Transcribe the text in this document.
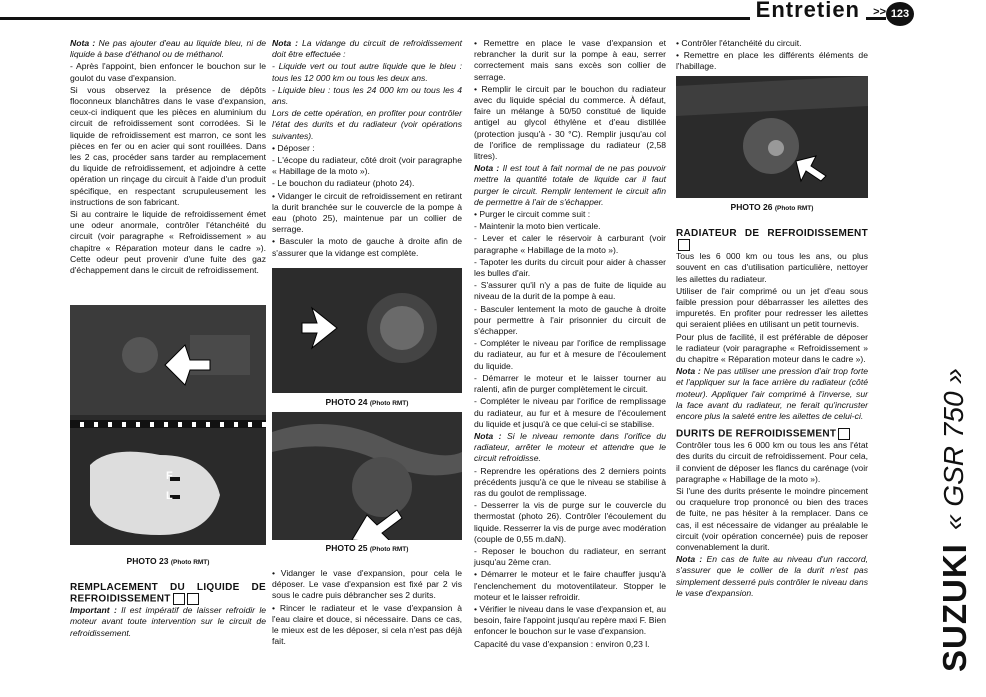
Entretien	>> 123

Nota : Ne pas ajouter d'eau au liquide bleu, ni de liquide à base d'éthanol ou de méthanol.

- Après l'appoint, bien enfoncer le bouchon sur le goulot du vase d'expansion.

Si vous observez la présence de dépôts floconneux blanchâtres dans le vase d'expansion, ceux-ci indiquent que les pièces en aluminium du circuit de refroidissement sont corrodées. Si le liquide de refroidissement est marron, ce sont les pièces en fer ou en acier qui sont rouillées. Dans les 2 cas, procéder sans tarder au remplacement du liquide de refroidissement, et adjoindre à cette opération un rinçage du circuit à l'aide d'un produit spécifique, en respectant scrupuleusement les instructions de son fabricant.

Si au contraire le liquide de refroidissement émet une odeur anormale, contrôler l'étanchéité du circuit (voir paragraphe « Refroidissement » au chapitre « Réparation moteur dans le cadre »). Cette odeur peut provenir d'une fuite des gaz d'échappement dans le circuit de refroidissement.

F
L
PHOTO 23 (Photo RMT)
REMPLACEMENT DU LIQUIDE DE REFROIDISSEMENT

Important : Il est impératif de laisser refroidir le moteur avant toute intervention sur le circuit de refroidissement.

Nota : La vidange du circuit de refroidissement doit être effectuée :

- Liquide vert ou tout autre liquide que le bleu : tous les 12 000 km ou tous les deux ans.

- Liquide bleu : tous les 24 000 km ou tous les 4 ans.

Lors de cette opération, en profiter pour contrôler l'état des durits et du radiateur (voir opérations suivantes).

• Déposer :

- L'écope du radiateur, côté droit (voir paragraphe « Habillage de la moto »).

- Le bouchon du radiateur (photo 24).

• Vidanger le circuit de refroidissement en retirant la durit branchée sur le couvercle de la pompe à eau (photo 25), maintenue par un collier de serrage.

• Basculer la moto de gauche à droite afin de s'assurer que la vidange est complète.

PHOTO 24 (Photo RMT)
PHOTO 25 (Photo RMT)

• Vidanger le vase d'expansion, pour cela le déposer. Le vase d'expansion est fixé par 2 vis sous le cadre puis débrancher ses 2 durits.

• Rincer le radiateur et le vase d'expansion à l'eau claire et douce, si nécessaire. Dans ce cas, le mieux est de les déposer, si cela n'est pas déjà fait.

• Remettre en place le vase d'expansion et rebrancher la durit sur la pompe à eau, serrer correctement mais sans excès son collier de serrage.

• Remplir le circuit par le bouchon du radiateur avec du liquide spécial du commerce. À défaut, faire un mélange à 50/50 constitué de liquide antigel au glycol éthylène et d'eau distillée (protection jusqu'à - 30 °C). Remplir jusqu'au col de l'orifice de remplissage du radiateur (2,58 litres).

Nota : Il est tout à fait normal de ne pas pouvoir mettre la quantité totale de liquide car il faut purger le circuit. Remplir lentement le circuit afin de permettre à l'air de s'échapper.

• Purger le circuit comme suit :

- Maintenir la moto bien verticale.

- Lever et caler le réservoir à carburant (voir paragraphe « Habillage de la moto »).

- Tapoter les durits du circuit pour aider à chasser les bulles d'air.

- S'assurer qu'il n'y a pas de fuite de liquide au niveau de la durit de la pompe à eau.

- Basculer lentement la moto de gauche à droite pour permettre à l'air prisonnier du circuit de s'échapper.

- Compléter le niveau par l'orifice de remplissage du radiateur, au fur et à mesure de l'écoulement du liquide.

- Démarrer le moteur et le laisser tourner au ralenti, afin de purger complètement le circuit.

- Compléter le niveau par l'orifice de remplissage du radiateur, au fur et à mesure de l'écoulement du liquide et jusqu'à ce que celui-ci se stabilise.

Nota : Si le niveau remonte dans l'orifice du radiateur, arrêter le moteur et attendre que le circuit refroidisse.

- Reprendre les opérations des 2 derniers points précédents jusqu'à ce que le niveau se stabilise à ras du goulot de remplissage.

- Desserrer la vis de purge sur le couvercle du thermostat (photo 26). Contrôler l'écoulement du liquide. Resserrer la vis de purge avec modération (couple de 0,55 m.daN).

- Reposer le bouchon du radiateur, en serrant jusqu'au 2ème cran.

• Démarrer le moteur et le faire chauffer jusqu'à l'enclenchement du motoventilateur. Stopper le moteur et le laisser refroidir.

• Vérifier le niveau dans le vase d'expansion et, au besoin, faire l'appoint jusqu'au repère maxi F. Bien enfoncer le bouchon sur le vase d'expansion.

Capacité du vase d'expansion : environ 0,23 l.

• Contrôler l'étanchéité du circuit.

• Remettre en place les différents éléments de l'habillage.

PHOTO 26 (Photo RMT)
RADIATEUR DE REFROIDISSEMENT

Tous les 6 000 km ou tous les ans, ou plus souvent en cas d'utilisation particulière, nettoyer les ailettes du radiateur.

Utiliser de l'air comprimé ou un jet d'eau sous faible pression pour débarrasser les ailettes des impuretés. En profiter pour redresser les ailettes qui seraient pliées en utilisant un petit tournevis.

Pour plus de facilité, il est préférable de déposer le radiateur (voir paragraphe « Refroidissement » du chapitre « Réparation moteur dans le cadre »).

Nota : Ne pas utiliser une pression d'air trop forte et l'appliquer sur la face arrière du radiateur (côté moteur). Appliquer l'air comprimé à l'inverse, sur la face avant du radiateur, ne ferait qu'incruster encore plus la saleté entre les ailettes de celui-ci.

DURITS DE REFROIDISSEMENT

Contrôler tous les 6 000 km ou tous les ans l'état des durits du circuit de refroidissement. Pour cela, il convient de déposer les flancs du carénage (voir paragraphe « Habillage de la moto »).

Si l'une des durits présente le moindre pincement ou craquelure trop prononcé ou bien des traces de fuite, ne pas hésiter à la remplacer. Dans ce cas, il est nécessaire de vidanger au préalable le circuit (voir opération concernée) puis de reposer convenablement la durit.

Nota : En cas de fuite au niveau d'un raccord, s'assurer que le collier de la durit n'est pas simplement desserré puis contrôler le niveau dans le vase d'expansion.	SUZUKI
« GSR 750 »
